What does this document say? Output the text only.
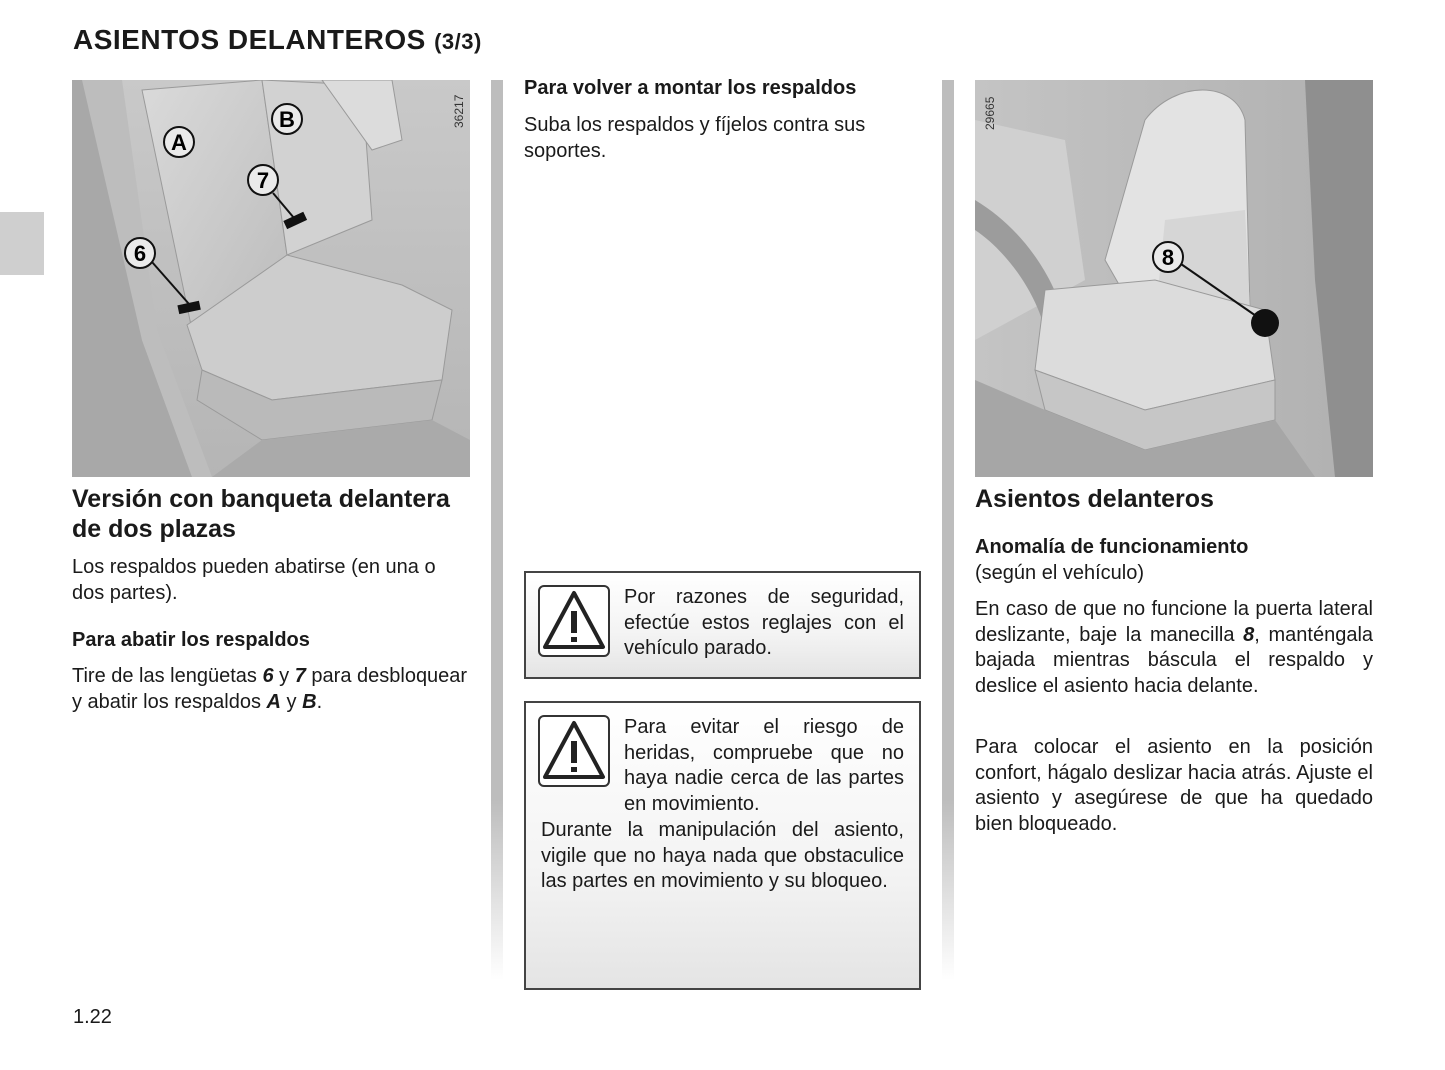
ASIENTOS DELANTEROS (3/3)
A
B
7
6
36217
8
29665
Versión con banqueta delantera de dos plazas

Los respaldos pueden abatirse (en una o dos partes).

Para abatir los respaldos

Tire de las lengüetas 6 y 7 para desbloquear y abatir los respaldos A y B.

Para volver a montar los respaldos

Suba los respaldos y fíjelos contra sus soportes.

Por razones de seguridad, efectúe estos reglajes con el vehículo parado.

Para evitar el riesgo de heridas, compruebe que no haya nadie cerca de las partes en movimiento.

Durante la manipulación del asiento, vigile que no haya nada que obstaculice las partes en movimiento y su bloqueo.

Asientos delanteros

Anomalía de funcionamiento

(según el vehículo)

En caso de que no funcione la puerta lateral deslizante, baje la manecilla 8, manténgala bajada mientras báscula el respaldo y deslice el asiento hacia delante.

Para colocar el asiento en la posición confort, hágalo deslizar hacia atrás. Ajuste el asiento y asegúrese de que ha quedado bien bloqueado.

1.22
